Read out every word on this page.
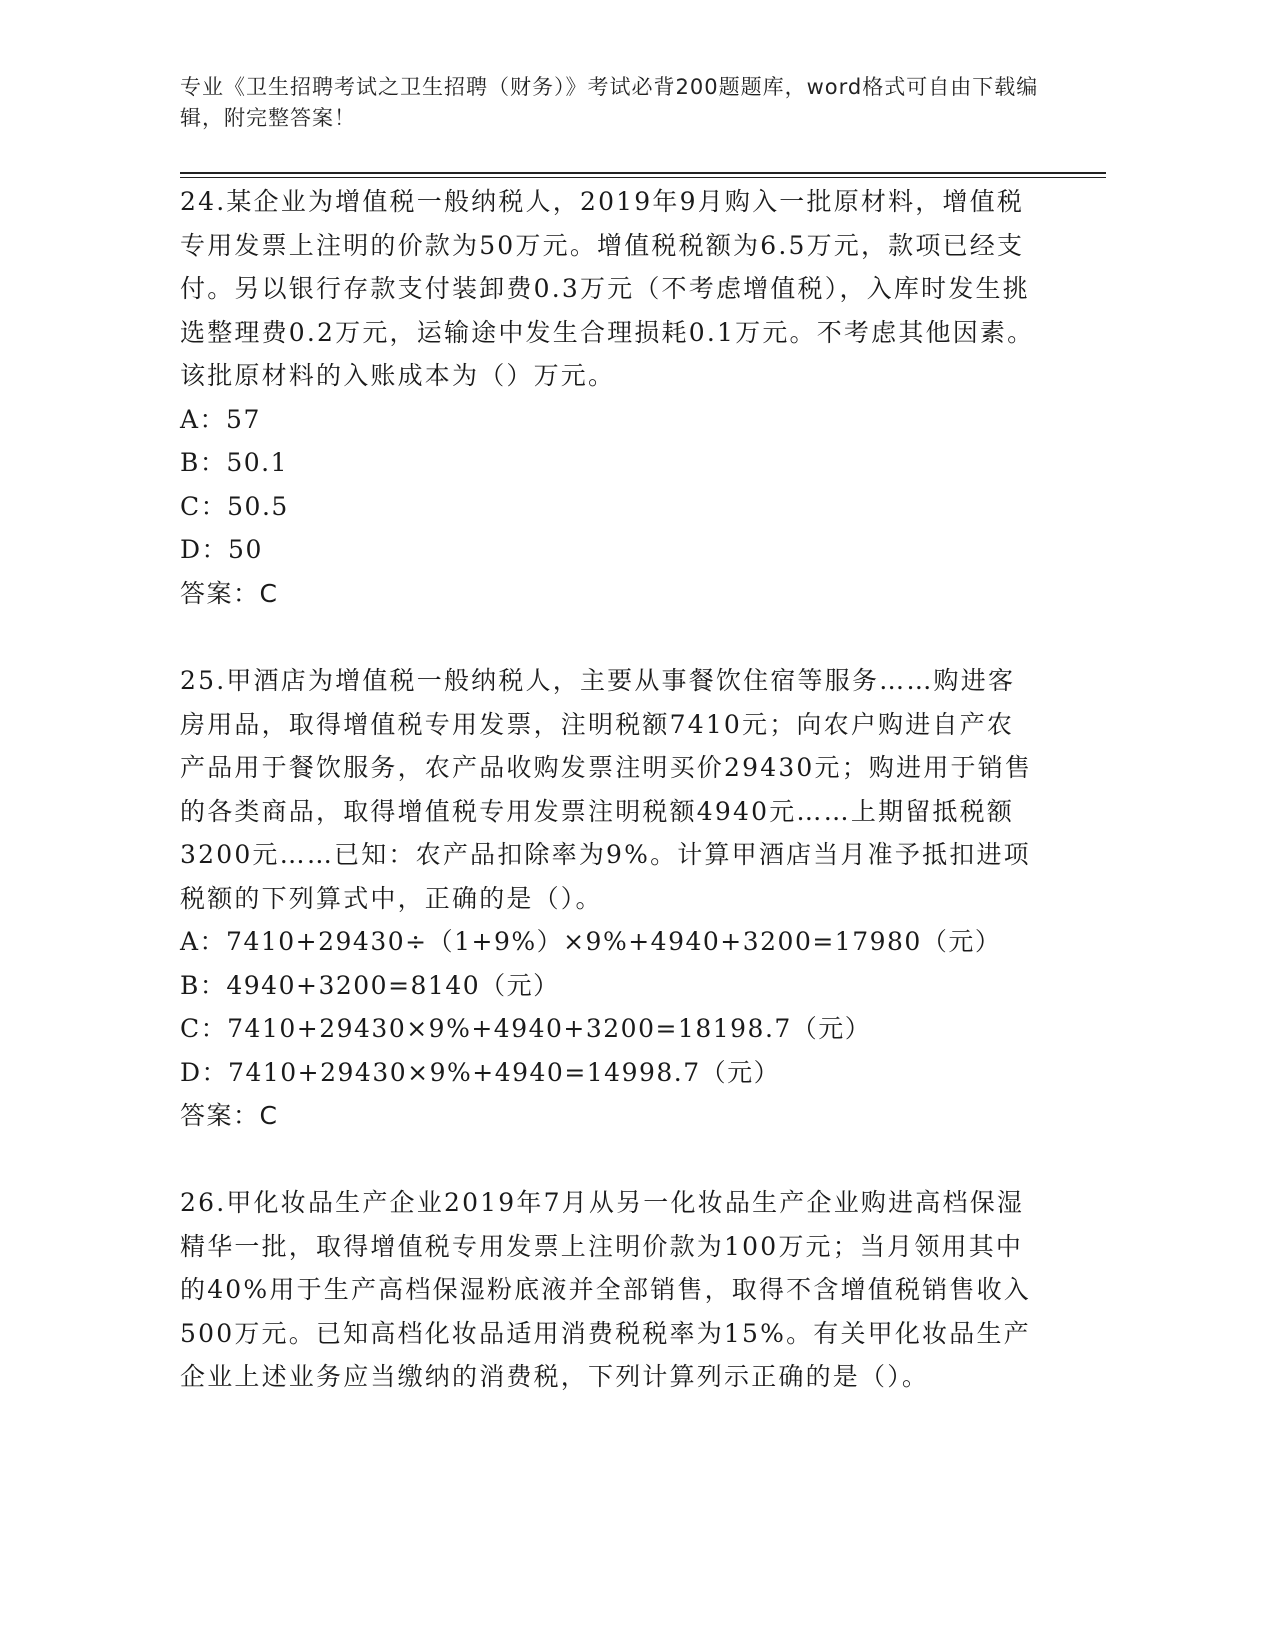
专业《卫生招聘考试之卫生招聘（财务）》考试必背200题题库，word格式可自由下载编辑，附完整答案！

24.某企业为增值税一般纳税人，2019年9月购入一批原材料，增值税专用发票上注明的价款为50万元。增值税税额为6.5万元，款项已经支付。另以银行存款支付装卸费0.3万元（不考虑增值税），入库时发生挑选整理费0.2万元，运输途中发生合理损耗0.1万元。不考虑其他因素。该批原材料的入账成本为（）万元。

A：57

B：50.1

C：50.5

D：50

答案：C

25.甲酒店为增值税一般纳税人，主要从事餐饮住宿等服务……购进客房用品，取得增值税专用发票，注明税额7410元；向农户购进自产农产品用于餐饮服务，农产品收购发票注明买价29430元；购进用于销售的各类商品，取得增值税专用发票注明税额4940元……上期留抵税额3200元……已知：农产品扣除率为9%。计算甲酒店当月准予抵扣进项税额的下列算式中，正确的是（）。

A：7410+29430÷（1+9%）×9%+4940+3200=17980（元）

B：4940+3200=8140（元）

C：7410+29430×9%+4940+3200=18198.7（元）

D：7410+29430×9%+4940=14998.7（元）

答案：C

26.甲化妆品生产企业2019年7月从另一化妆品生产企业购进高档保湿精华一批，取得增值税专用发票上注明价款为100万元；当月领用其中的40%用于生产高档保湿粉底液并全部销售，取得不含增值税销售收入500万元。已知高档化妆品适用消费税税率为15%。有关甲化妆品生产企业上述业务应当缴纳的消费税，下列计算列示正确的是（）。
